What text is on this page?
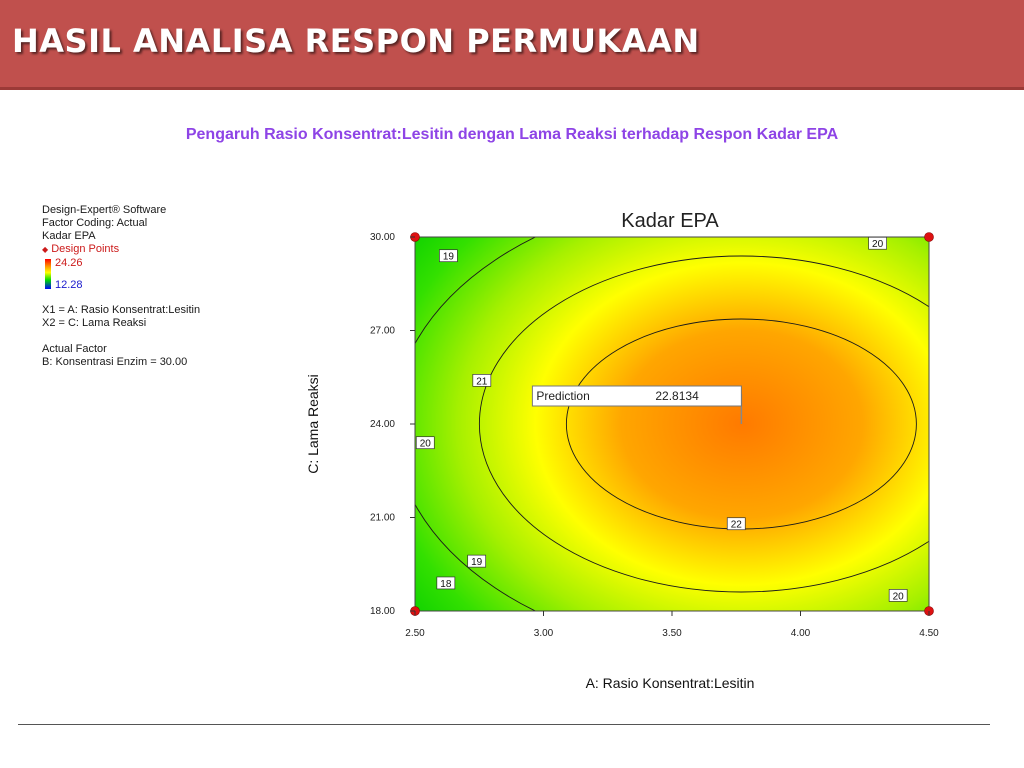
HASIL ANALISA RESPON PERMUKAAN
Pengaruh Rasio Konsentrat:Lesitin dengan Lama Reaksi terhadap Respon Kadar EPA
Design-Expert® Software
Factor Coding: Actual
Kadar EPA
◆ Design Points
24.26
12.28
X1 = A: Rasio Konsentrat:Lesitin
X2 = C: Lama Reaksi
Actual Factor
B: Konsentrasi Enzim = 30.00
Kadar EPA
19
20
21
20
22
19
18
20
2.50	3.00	3.50	4.00	4.50
18.00
21.00
24.00
27.00
30.00
A: Rasio Konsentrat:Lesitin
C: Lama Reaksi	Prediction	22.8134
